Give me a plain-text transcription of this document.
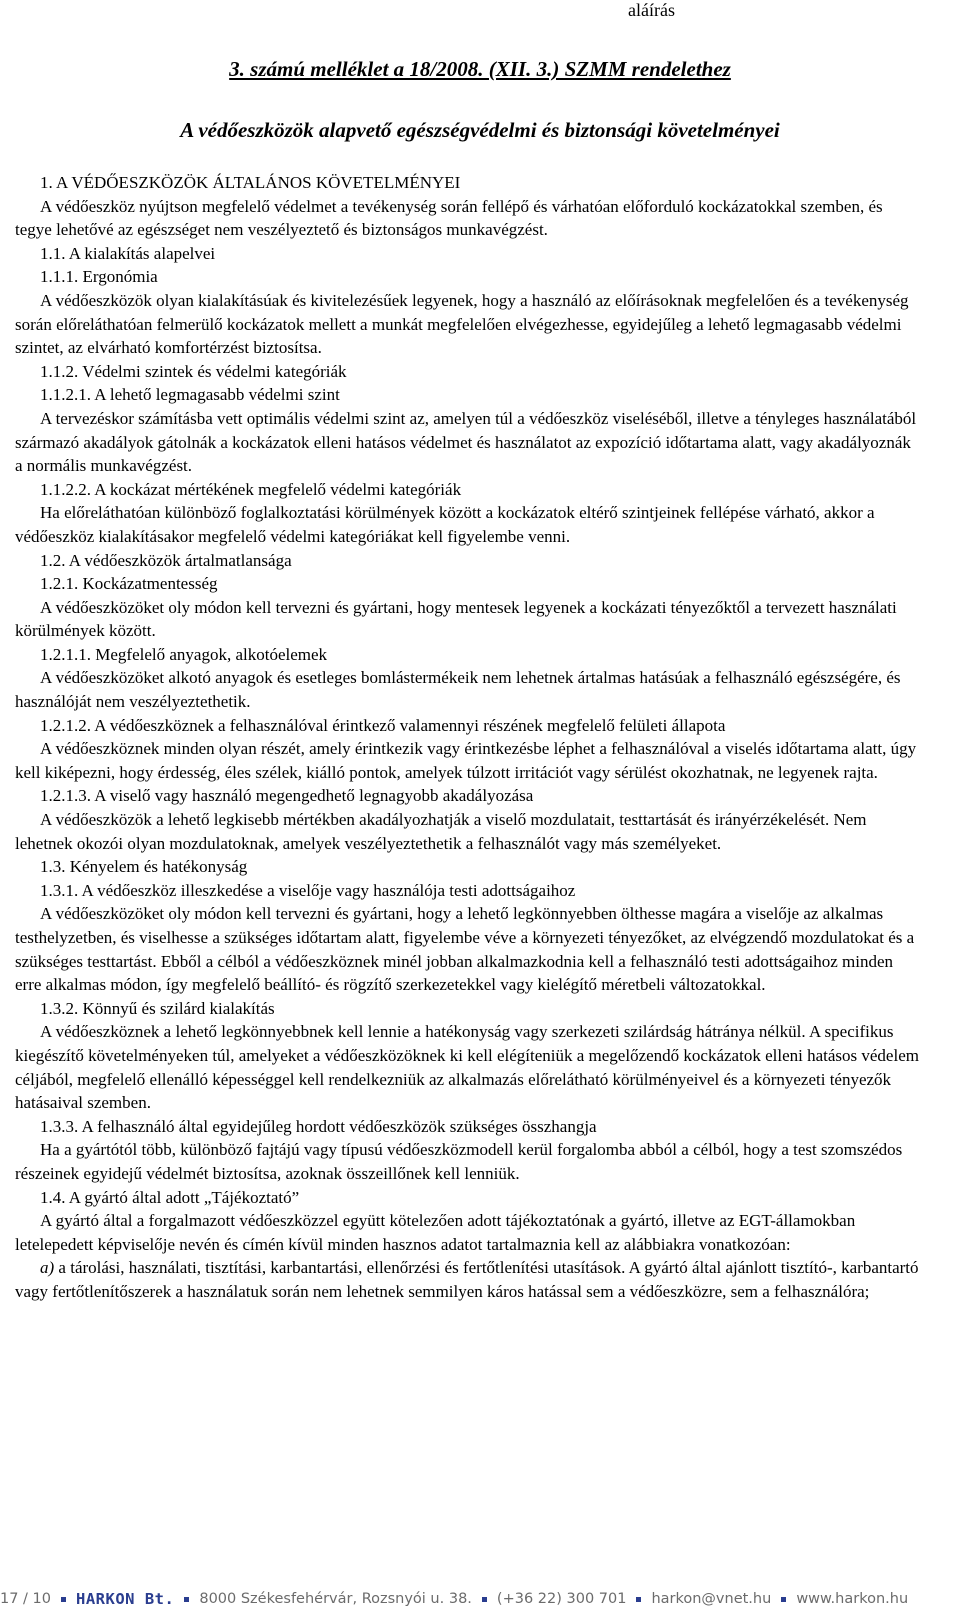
aláírás
3. számú melléklet a 18/2008. (XII. 3.) SZMM rendelethez
A védőeszközök alapvető egészségvédelmi és biztonsági követelményei

1. A VÉDŐESZKÖZÖK ÁLTALÁNOS KÖVETELMÉNYEI

A védőeszköz nyújtson megfelelő védelmet a tevékenység során fellépő és várhatóan előforduló kockázatokkal szemben, és tegye lehetővé az egészséget nem veszélyeztető és biztonságos munkavégzést.

1.1. A kialakítás alapelvei

1.1.1. Ergonómia

A védőeszközök olyan kialakításúak és kivitelezésűek legyenek, hogy a használó az előírásoknak megfelelően és a tevékenység során előreláthatóan felmerülő kockázatok mellett a munkát megfelelően elvégezhesse, egyidejűleg a lehető legmagasabb védelmi szintet, az elvárható komfortérzést biztosítsa.

1.1.2. Védelmi szintek és védelmi kategóriák

1.1.2.1. A lehető legmagasabb védelmi szint

A tervezéskor számításba vett optimális védelmi szint az, amelyen túl a védőeszköz viseléséből, illetve a tényleges használatából származó akadályok gátolnák a kockázatok elleni hatásos védelmet és használatot az expozíció időtartama alatt, vagy akadályoznák a normális munkavégzést.

1.1.2.2. A kockázat mértékének megfelelő védelmi kategóriák

Ha előreláthatóan különböző foglalkoztatási körülmények között a kockázatok eltérő szintjeinek fellépése várható, akkor a védőeszköz kialakításakor megfelelő védelmi kategóriákat kell figyelembe venni.

1.2. A védőeszközök ártalmatlansága

1.2.1. Kockázatmentesség

A védőeszközöket oly módon kell tervezni és gyártani, hogy mentesek legyenek a kockázati tényezőktől a tervezett használati körülmények között.

1.2.1.1. Megfelelő anyagok, alkotóelemek

A védőeszközöket alkotó anyagok és esetleges bomlástermékeik nem lehetnek ártalmas hatásúak a felhasználó egészségére, és használóját nem veszélyeztethetik.

1.2.1.2. A védőeszköznek a felhasználóval érintkező valamennyi részének megfelelő felületi állapota

A védőeszköznek minden olyan részét, amely érintkezik vagy érintkezésbe léphet a felhasználóval a viselés időtartama alatt, úgy kell kiképezni, hogy érdesség, éles szélek, kiálló pontok, amelyek túlzott irritációt vagy sérülést okozhatnak, ne legyenek rajta.

1.2.1.3. A viselő vagy használó megengedhető legnagyobb akadályozása

A védőeszközök a lehető legkisebb mértékben akadályozhatják a viselő mozdulatait, testtartását és irányérzékelését. Nem lehetnek okozói olyan mozdulatoknak, amelyek veszélyeztethetik a felhasználót vagy más személyeket.

1.3. Kényelem és hatékonyság

1.3.1. A védőeszköz illeszkedése a viselője vagy használója testi adottságaihoz

A védőeszközöket oly módon kell tervezni és gyártani, hogy a lehető legkönnyebben ölthesse magára a viselője az alkalmas testhelyzetben, és viselhesse a szükséges időtartam alatt, figyelembe véve a környezeti tényezőket, az elvégzendő mozdulatokat és a szükséges testtartást. Ebből a célból a védőeszköznek minél jobban alkalmazkodnia kell a felhasználó testi adottságaihoz minden erre alkalmas módon, így megfelelő beállító- és rögzítő szerkezetekkel vagy kielégítő méretbeli változatokkal.

1.3.2. Könnyű és szilárd kialakítás

A védőeszköznek a lehető legkönnyebbnek kell lennie a hatékonyság vagy szerkezeti szilárdság hátránya nélkül. A specifikus kiegészítő követelményeken túl, amelyeket a védőeszközöknek ki kell elégíteniük a megelőzendő kockázatok elleni hatásos védelem céljából, megfelelő ellenálló képességgel kell rendelkezniük az alkalmazás előrelátható körülményeivel és a környezeti tényezők hatásaival szemben.

1.3.3. A felhasználó által egyidejűleg hordott védőeszközök szükséges összhangja

Ha a gyártótól több, különböző fajtájú vagy típusú védőeszközmodell kerül forgalomba abból a célból, hogy a test szomszédos részeinek egyidejű védelmét biztosítsa, azoknak összeillőnek kell lenniük.

1.4. A gyártó által adott „Tájékoztató”

A gyártó által a forgalmazott védőeszközzel együtt kötelezően adott tájékoztatónak a gyártó, illetve az EGT-államokban letelepedett képviselője nevén és címén kívül minden hasznos adatot tartalmaznia kell az alábbiakra vonatkozóan:

a) a tárolási, használati, tisztítási, karbantartási, ellenőrzési és fertőtlenítési utasítások. A gyártó által ajánlott tisztító-, karbantartó vagy fertőtlenítőszerek a használatuk során nem lehetnek semmilyen káros hatással sem a védőeszközre, sem a felhasználóra;

17 / 10 HARKON Bt. 8000 Székesfehérvár, Rozsnyói u. 38. (+36 22) 300 701 harkon@vnet.hu www.harkon.hu
